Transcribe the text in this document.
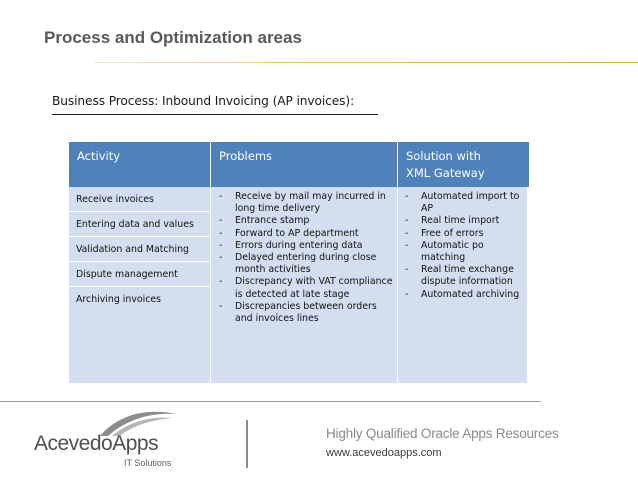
Process and Optimization areas
Business Process: Inbound Invoicing (AP invoices):
Activity	Problems	Solution with
XML Gateway
Receive invoices
Entering data and values
Validation and Matching
Dispute management
Archiving invoices
- Receive by mail may incurred in long time delivery
- Entrance stamp
- Forward to AP department
- Errors during entering data
- Delayed entering during close month activities
- Discrepancy with VAT compliance is detected at late stage
- Discrepancies between orders and invoices lines
- Automated import to AP
- Real time import
- Free of errors
- Automatic po matching
- Real time exchange dispute information
- Automated archiving
AcevedoApps
IT Solutions
Highly Qualified Oracle Apps Resources
www.acevedoapps.com
